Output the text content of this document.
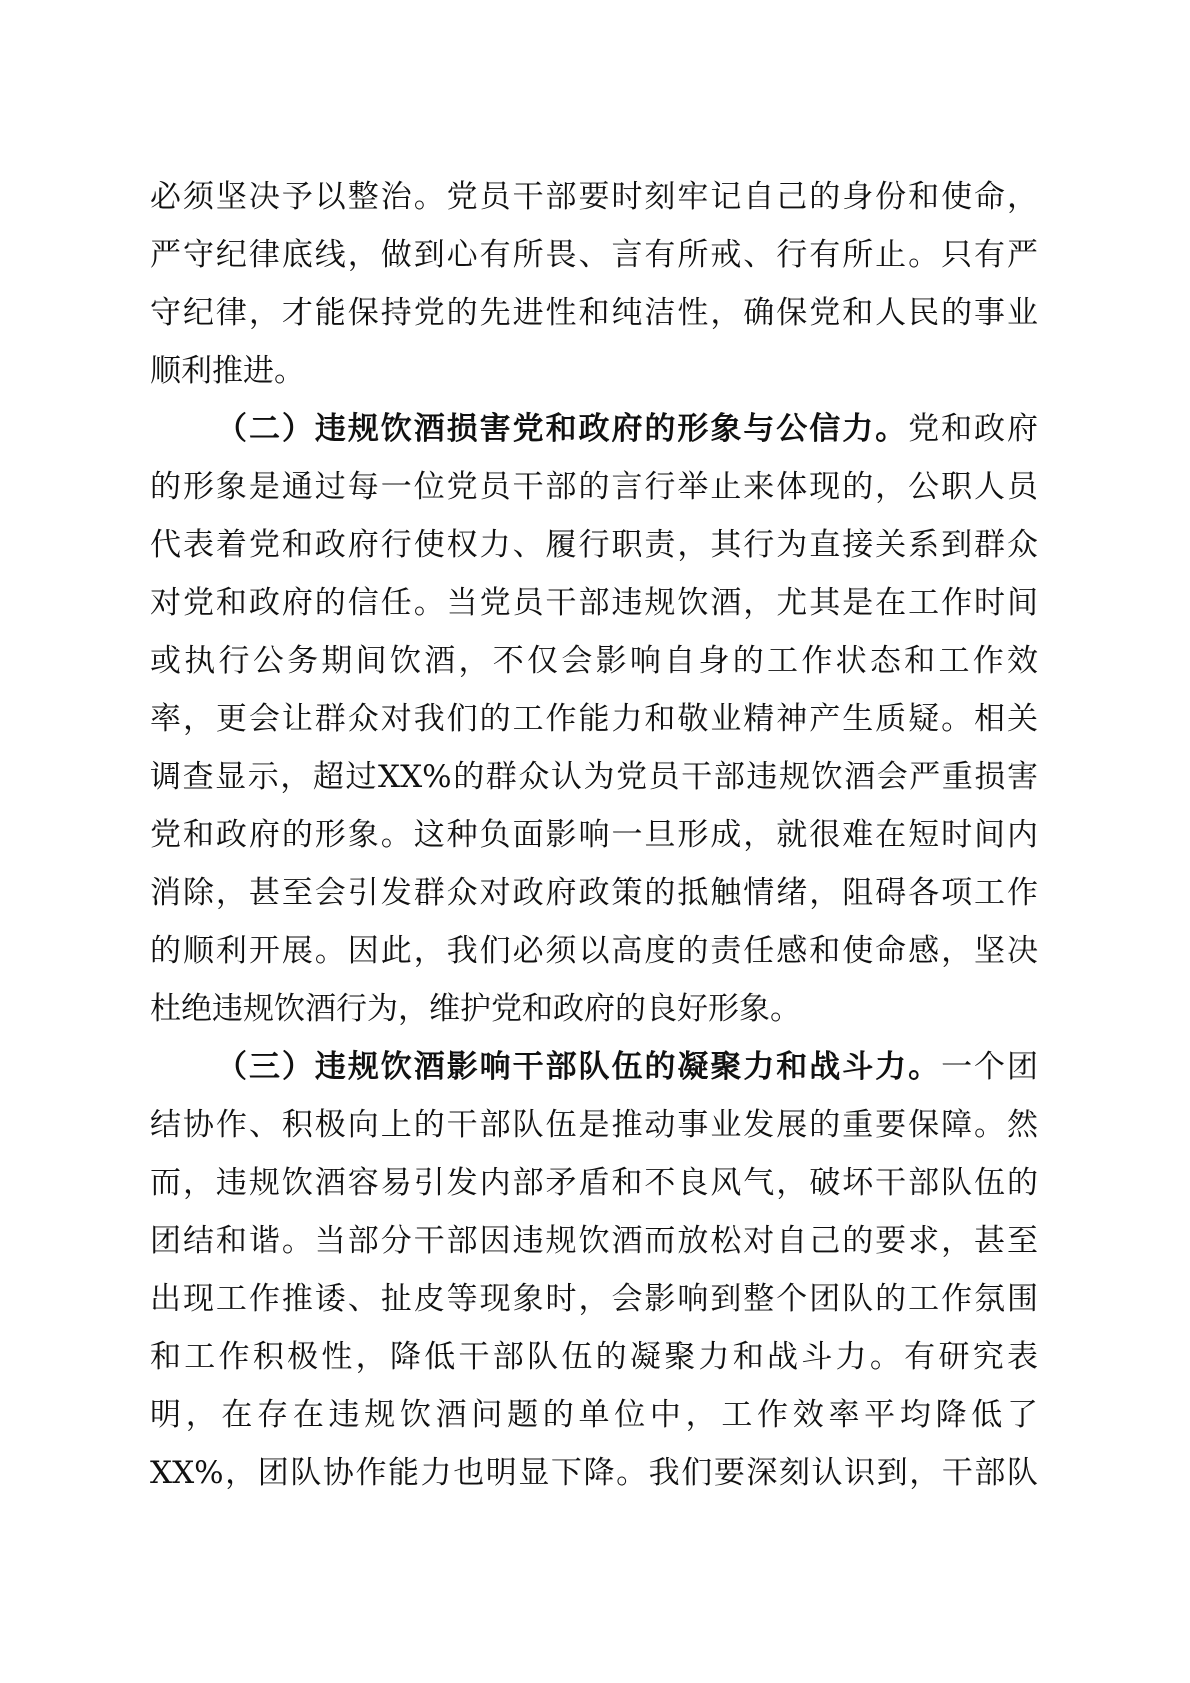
必须坚决予以整治。党员干部要时刻牢记自己的身份和使命，
严守纪律底线，做到心有所畏、言有所戒、行有所止。只有严
守纪律，才能保持党的先进性和纯洁性，确保党和人民的事业
顺利推进。
（二）违规饮酒损害党和政府的形象与公信力。党和政府
的形象是通过每一位党员干部的言行举止来体现的，公职人员
代表着党和政府行使权力、履行职责，其行为直接关系到群众
对党和政府的信任。当党员干部违规饮酒，尤其是在工作时间
或执行公务期间饮酒，不仅会影响自身的工作状态和工作效
率，更会让群众对我们的工作能力和敬业精神产生质疑。相关
调查显示，超过XX%的群众认为党员干部违规饮酒会严重损害
党和政府的形象。这种负面影响一旦形成，就很难在短时间内
消除，甚至会引发群众对政府政策的抵触情绪，阻碍各项工作
的顺利开展。因此，我们必须以高度的责任感和使命感，坚决
杜绝违规饮酒行为，维护党和政府的良好形象。
（三）违规饮酒影响干部队伍的凝聚力和战斗力。一个团
结协作、积极向上的干部队伍是推动事业发展的重要保障。然
而，违规饮酒容易引发内部矛盾和不良风气，破坏干部队伍的
团结和谐。当部分干部因违规饮酒而放松对自己的要求，甚至
出现工作推诿、扯皮等现象时，会影响到整个团队的工作氛围
和工作积极性，降低干部队伍的凝聚力和战斗力。有研究表
明，在存在违规饮酒问题的单位中，工作效率平均降低了
XX%，团队协作能力也明显下降。我们要深刻认识到，干部队
